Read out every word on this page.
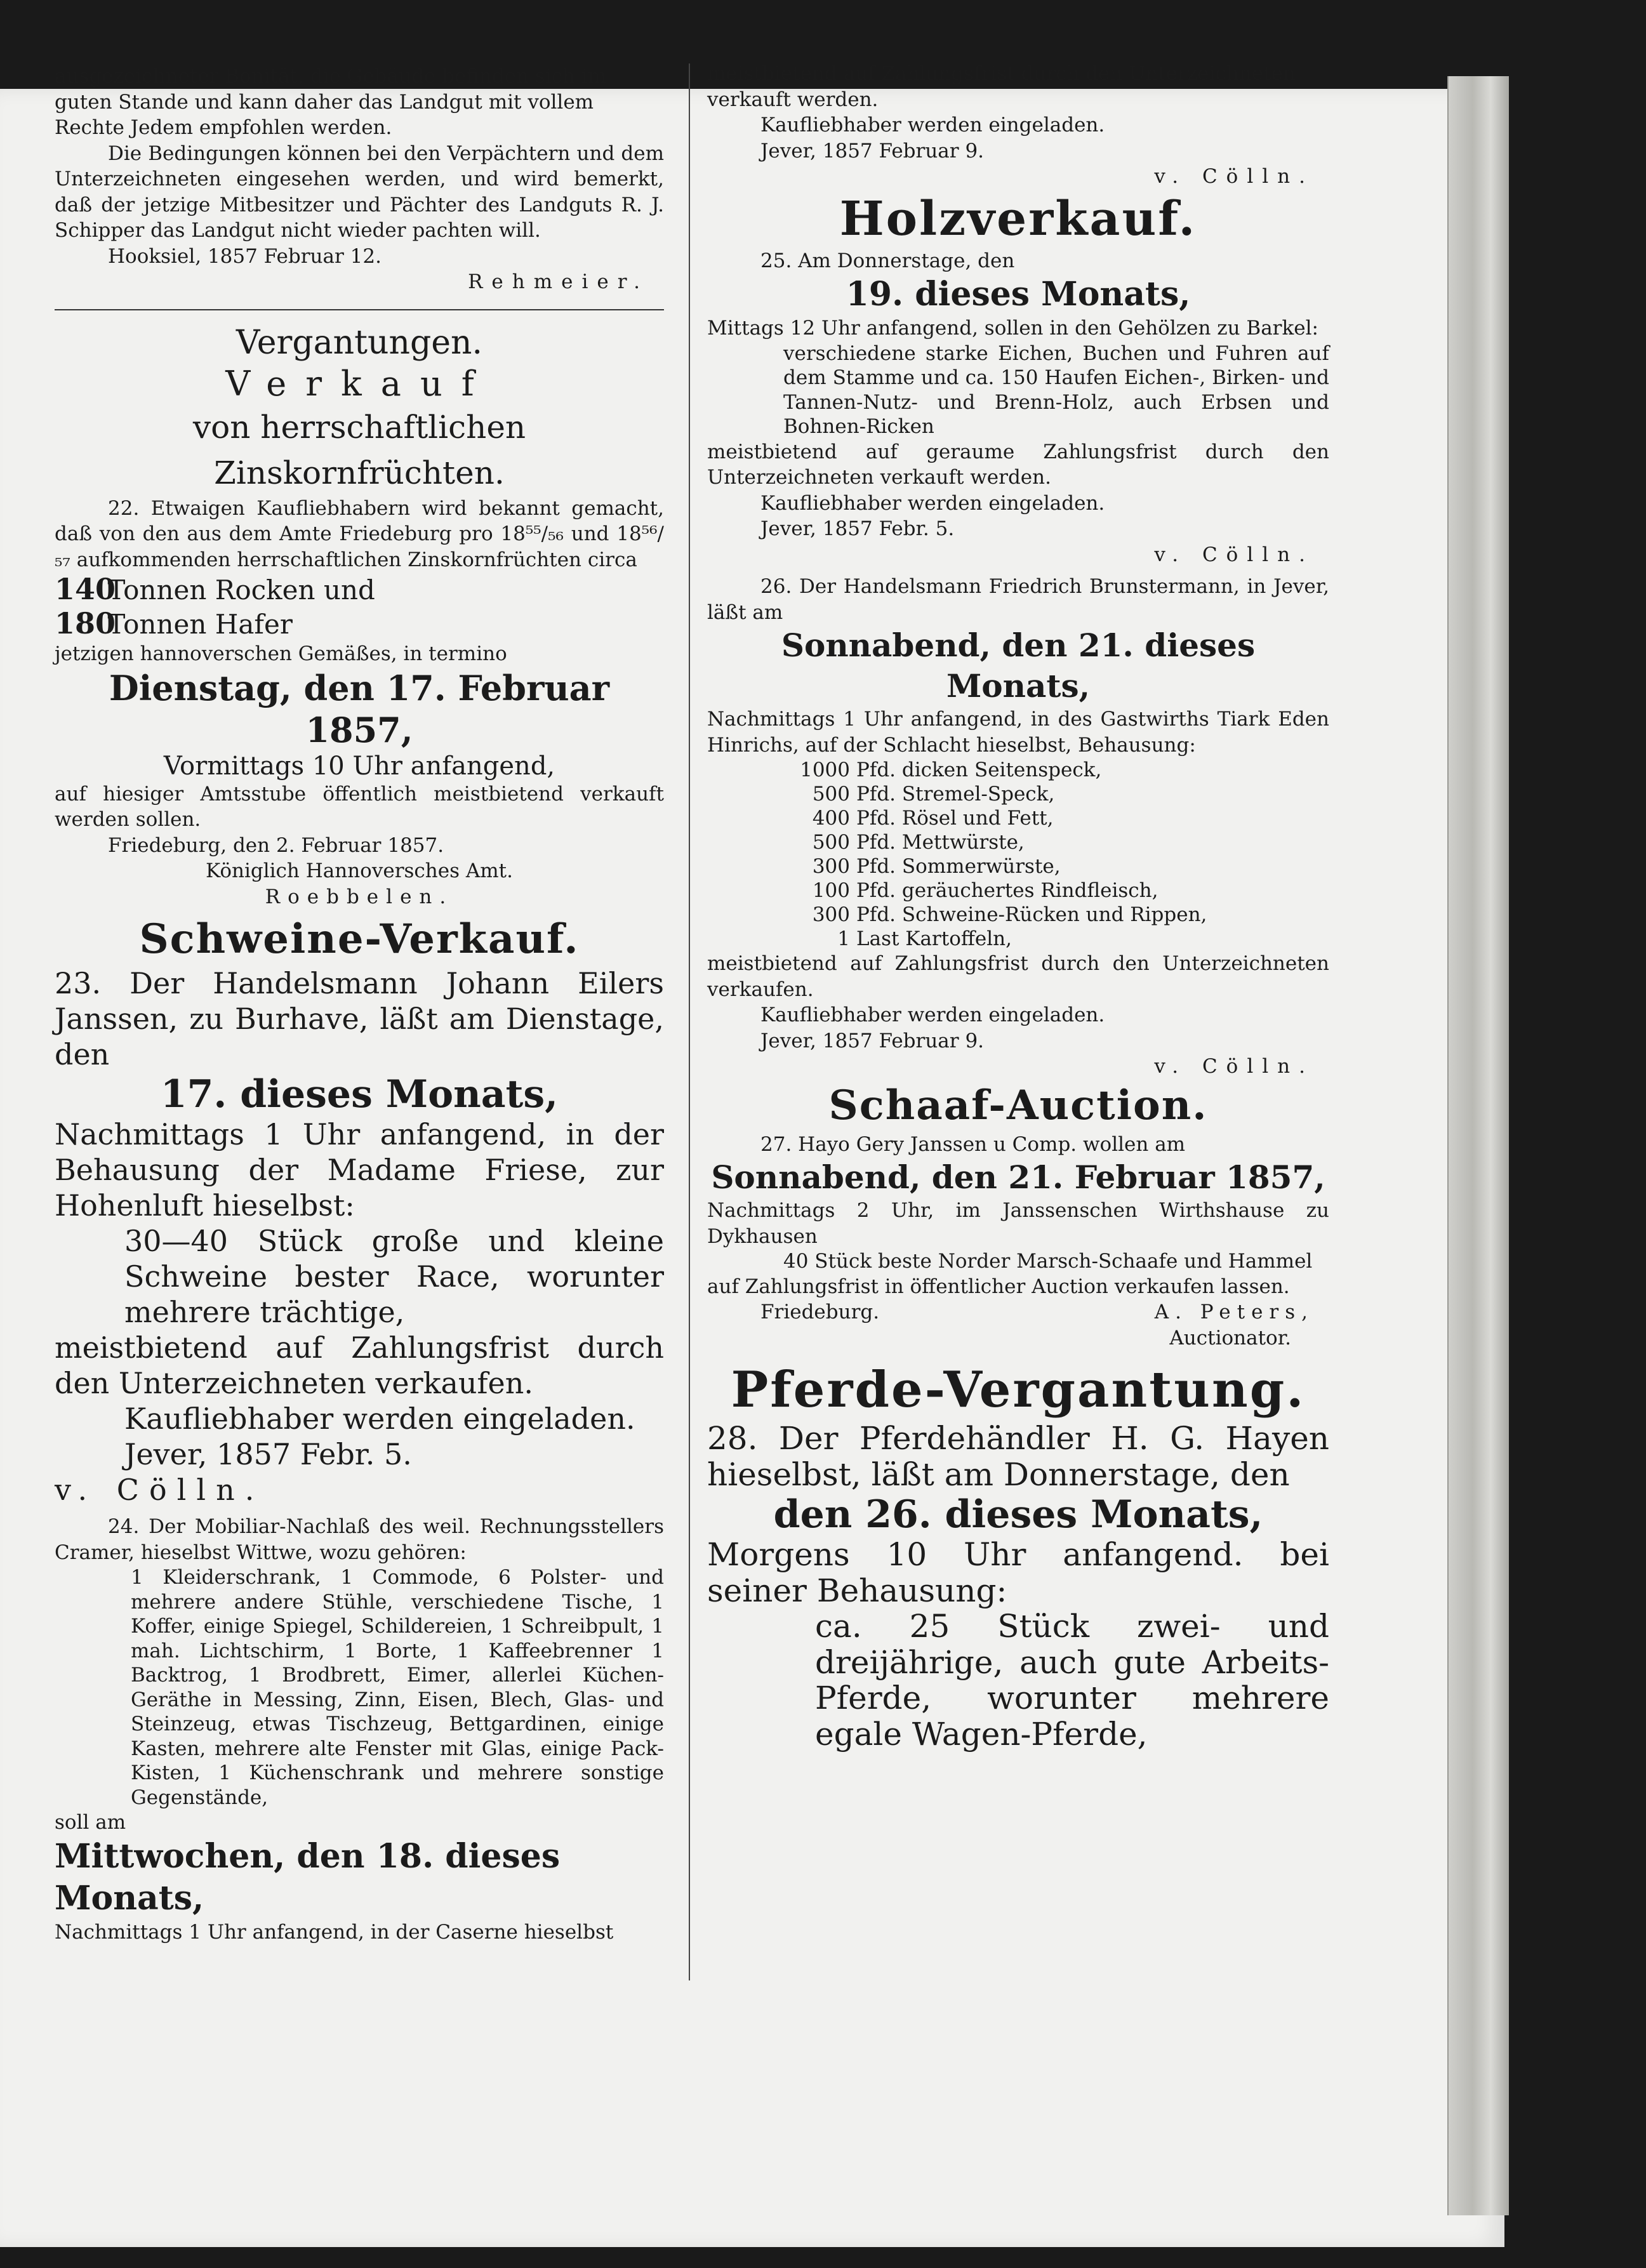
ausgezeichneter Bonität, die Gebäude befinden sich im

guten Stande und kann daher das Landgut mit vollem

Rechte Jedem empfohlen werden.

Die Bedingungen können bei den Verpächtern und dem Unterzeichneten eingesehen werden, und wird bemerkt, daß der jetzige Mitbesitzer und Pächter des Landguts R. J. Schipper das Landgut nicht wieder pachten will.

Hooksiel, 1857 Februar 12.

Rehmeier.

Vergantungen.

Verkauf

von herrschaftlichen Zinskornfrüchten.

22. Etwaigen Kaufliebhabern wird bekannt gemacht, daß von den aus dem Amte Friedeburg pro 18⁵⁵/₅₆ und 18⁵⁶/₅₇ aufkommenden herrschaftlichen Zinskornfrüchten circa

140 Tonnen Rocken und

180 Tonnen Hafer

jetzigen hannoverschen Gemäßes, in termino

Dienstag, den 17. Februar 1857,

Vormittags 10 Uhr anfangend,

auf hiesiger Amtsstube öffentlich meistbietend verkauft werden sollen.

Friedeburg, den 2. Februar 1857.

Königlich Hannoversches Amt.

Roebbelen.

Schweine-Verkauf.

23. Der Handelsmann Johann Eilers Janssen, zu Burhave, läßt am Dienstage, den

17. dieses Monats,

Nachmittags 1 Uhr anfangend, in der Behausung der Madame Friese, zur Hohenluft hieselbst:

30—40 Stück große und kleine Schweine bester Race, worunter mehrere trächtige,

meistbietend auf Zahlungsfrist durch den Unterzeichneten verkaufen.

Kaufliebhaber werden eingeladen.

Jever, 1857 Febr. 5.

v. Cölln.

24. Der Mobiliar-Nachlaß des weil. Rechnungsstellers Cramer, hieselbst Wittwe, wozu gehören:

1 Kleiderschrank, 1 Commode, 6 Polster- und mehrere andere Stühle, verschiedene Tische, 1 Koffer, einige Spiegel, Schildereien, 1 Schreibpult, 1 mah. Lichtschirm, 1 Borte, 1 Kaffeebrenner 1 Backtrog, 1 Brodbrett, Eimer, allerlei Küchen-Geräthe in Messing, Zinn, Eisen, Blech, Glas- und Steinzeug, etwas Tischzeug, Bettgardinen, einige Kasten, mehrere alte Fenster mit Glas, einige Pack-Kisten, 1 Küchenschrank und mehrere sonstige Gegenstände,

soll am

Mittwochen, den 18. dieses Monats,

Nachmittags 1 Uhr anfangend, in der Caserne hieselbst

meistbietend auf Zahlungsfrist durch den Unterzeichneten

verkauft werden.

Kaufliebhaber werden eingeladen.

Jever, 1857 Februar 9.

v. Cölln.

Holzverkauf.

25. Am Donnerstage, den

19. dieses Monats,

Mittags 12 Uhr anfangend, sollen in den Gehölzen zu Barkel:

verschiedene starke Eichen, Buchen und Fuhren auf dem Stamme und ca. 150 Haufen Eichen-, Birken- und Tannen-Nutz- und Brenn-Holz, auch Erbsen und Bohnen-Ricken

meistbietend auf geraume Zahlungsfrist durch den Unterzeichneten verkauft werden.

Kaufliebhaber werden eingeladen.

Jever, 1857 Febr. 5.

v. Cölln.

26. Der Handelsmann Friedrich Brunstermann, in Jever, läßt am

Sonnabend, den 21. dieses Monats,

Nachmittags 1 Uhr anfangend, in des Gastwirths Tiark Eden Hinrichs, auf der Schlacht hieselbst, Behausung:

1000 Pfd. dicken Seitenspeck,
500 Pfd. Stremel-Speck,
400 Pfd. Rösel und Fett,
500 Pfd. Mettwürste,
300 Pfd. Sommerwürste,
100 Pfd. geräuchertes Rindfleisch,
300 Pfd. Schweine-Rücken und Rippen,
1 Last Kartoffeln,

meistbietend auf Zahlungsfrist durch den Unterzeichneten verkaufen.

Kaufliebhaber werden eingeladen.

Jever, 1857 Februar 9.

v. Cölln.

Schaaf-Auction.

27. Hayo Gery Janssen u Comp. wollen am

Sonnabend, den 21. Februar 1857,

Nachmittags 2 Uhr, im Janssenschen Wirthshause zu Dykhausen

40 Stück beste Norder Marsch-Schaafe und Hammel

auf Zahlungsfrist in öffentlicher Auction verkaufen lassen.

Friedeburg.	A. Peters,

Auctionator.

Pferde-Vergantung.

28. Der Pferdehändler H. G. Hayen hieselbst, läßt am Donnerstage, den

den 26. dieses Monats,

Morgens 10 Uhr anfangend. bei seiner Behausung:

ca. 25 Stück zwei- und dreijährige, auch gute Arbeits-Pferde, worunter mehrere egale Wagen-Pferde,
